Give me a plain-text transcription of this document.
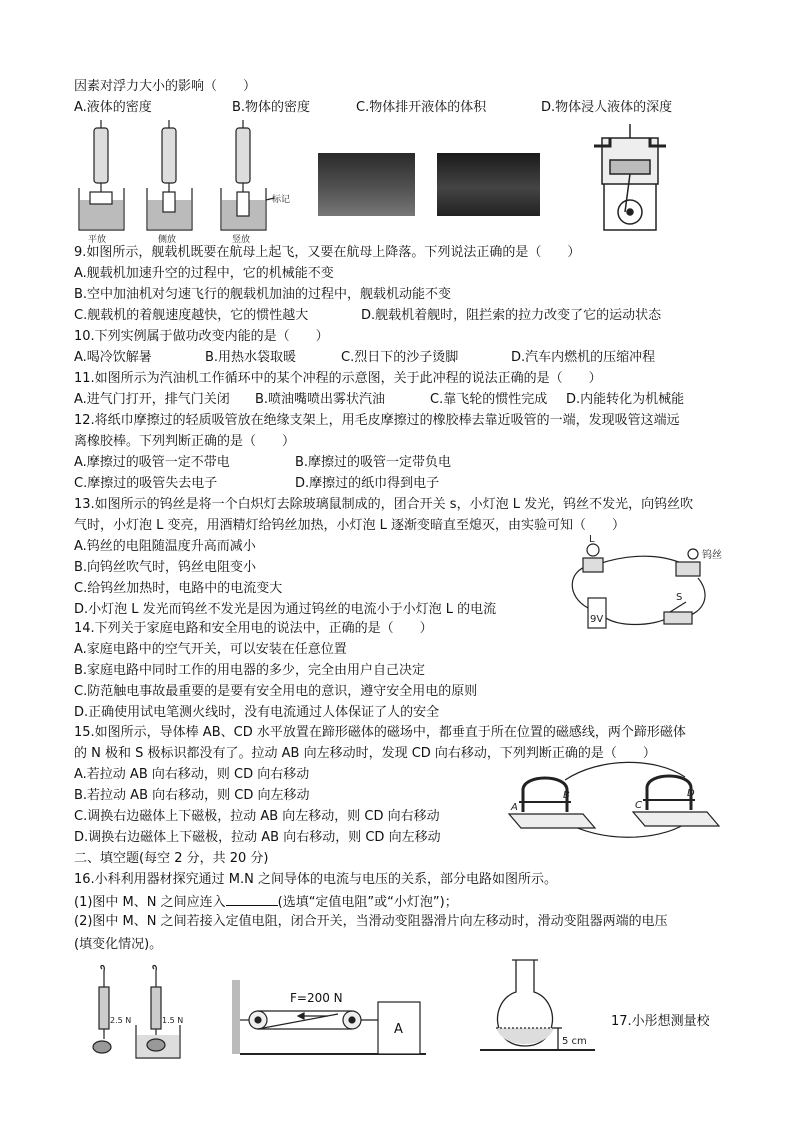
因素对浮力大小的影响（　　）
A.液体的密度	B.物体的密度	C.物体排开液体的体积	D.物体浸人液体的深度
平放	侧放	竖放
标记
9.如图所示，舰载机既要在航母上起飞，又要在航母上降落。下列说法正确的是（　　）
A.舰载机加速升空的过程中，它的机械能不变
B.空中加油机对匀速飞行的舰载机加油的过程中，舰载机动能不变
C.舰载机的着舰速度越快，它的惯性越大	D.舰载机着舰时，阻拦索的拉力改变了它的运动状态
10.下列实例属于做功改变内能的是（　　）
A.喝冷饮解暑	B.用热水袋取暖	C.烈日下的沙子烫脚	D.汽车内燃机的压缩冲程
11.如图所示为汽油机工作循环中的某个冲程的示意图，关于此冲程的说法正确的是（　　）
A.进气门打开，排气门关闭 B.喷油嘴喷出雾状汽油	C.靠飞轮的惯性完成 D.内能转化为机械能
12.将纸巾摩擦过的轻质吸管放在绝缘支架上，用毛皮摩擦过的橡胶棒去靠近吸管的一端，发现吸管这端远
离橡胶棒。下列判断正确的是（　　）
A.摩擦过的吸管一定不带电	B.摩擦过的吸管一定带负电
C.摩擦过的吸管失去电子	D.摩擦过的纸巾得到电子
13.如图所示的钨丝是将一个白炽灯去除玻璃鼠制成的，团合开关 s，小灯泡 L 发光，钨丝不发光，向钨丝吹
气时，小灯泡 L 变亮，用酒精灯给钨丝加热，小灯泡 L 逐渐变暗直至熄灭，由实验可知（　　）
A.钨丝的电阻随温度升高而减小
B.向钨丝吹气时，钨丝电阻变小
C.给钨丝加热时，电路中的电流变大
D.小灯泡 L 发光而钨丝不发光是因为通过钨丝的电流小于小灯泡 L 的电流
L
钨丝
S
9V
14.下列关于家庭电路和安全用电的说法中，正确的是（　　）
A.家庭电路中的空气开关，可以安装在任意位置
B.家庭电路中同时工作的用电器的多少，完全由用户自己决定
C.防范触电事故最重要的是要有安全用电的意识，遵守安全用电的原则
D.正确使用试电笔测火线时，没有电流通过人体保证了人的安全
15.如图所示，导体棒 AB、CD 水平放置在蹄形磁体的磁场中，都垂直于所在位置的磁感线，两个蹄形磁体
的 N 极和 S 极标识都没有了。拉动 AB 向左移动时，发现 CD 向右移动，下列判断正确的是（　　）
A.若拉动 AB 向右移动，则 CD 向右移动
B.若拉动 AB 向右移动，则 CD 向左移动
C.调换右边磁体上下磁极，拉动 AB 向左移动，则 CD 向右移动
D.调换右边磁体上下磁极，拉动 AB 向右移动，则 CD 向左移动
B
A
D
C
二、填空题(每空 2 分，共 20 分)
16.小科利用器材探究通过 M.N 之间导体的电流与电压的关系，部分电路如图所示。
(1)图中 M、N 之间应连入	(选填“定值电阻”或“小灯泡”)；
(2)图中 M、N 之间若接入定值电阻，闭合开关，当滑动变阻器滑片向左移动时，滑动变阻器两端的电压
(填变化情况)。
2.5 N	1.5 N
F=200 N
A
5 cm
17.小彤想测量校
